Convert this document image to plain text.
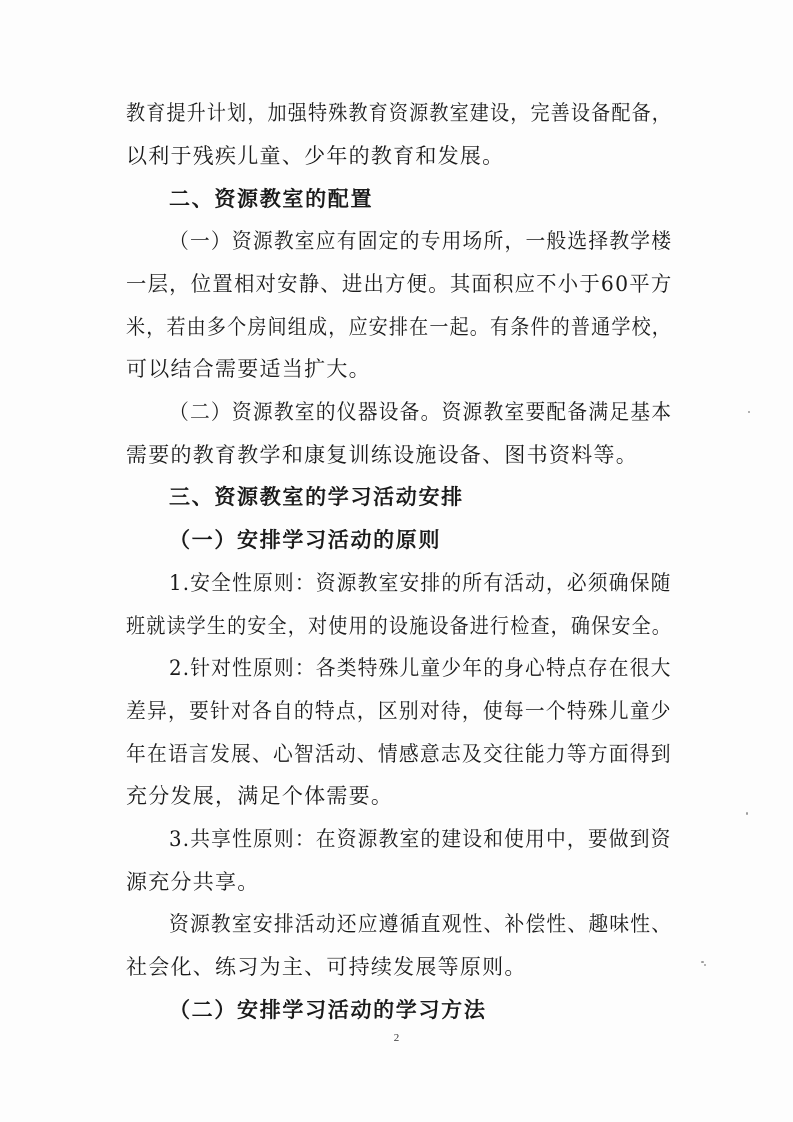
教育提升计划，加强特殊教育资源教室建设，完善设备配备，
以利于残疾儿童、少年的教育和发展。
二、资源教室的配置
（一）资源教室应有固定的专用场所，一般选择教学楼
一层，位置相对安静、进出方便。其面积应不小于60平方
米，若由多个房间组成，应安排在一起。有条件的普通学校，
可以结合需要适当扩大。
（二）资源教室的仪器设备。资源教室要配备满足基本
需要的教育教学和康复训练设施设备、图书资料等。
三、资源教室的学习活动安排
（一）安排学习活动的原则
1.安全性原则：资源教室安排的所有活动，必须确保随
班就读学生的安全，对使用的设施设备进行检查，确保安全。
2.针对性原则：各类特殊儿童少年的身心特点存在很大
差异，要针对各自的特点，区别对待，使每一个特殊儿童少
年在语言发展、心智活动、情感意志及交往能力等方面得到
充分发展，满足个体需要。
3.共享性原则：在资源教室的建设和使用中，要做到资
源充分共享。
资源教室安排活动还应遵循直观性、补偿性、趣味性、
社会化、练习为主、可持续发展等原则。
（二）安排学习活动的学习方法
2
